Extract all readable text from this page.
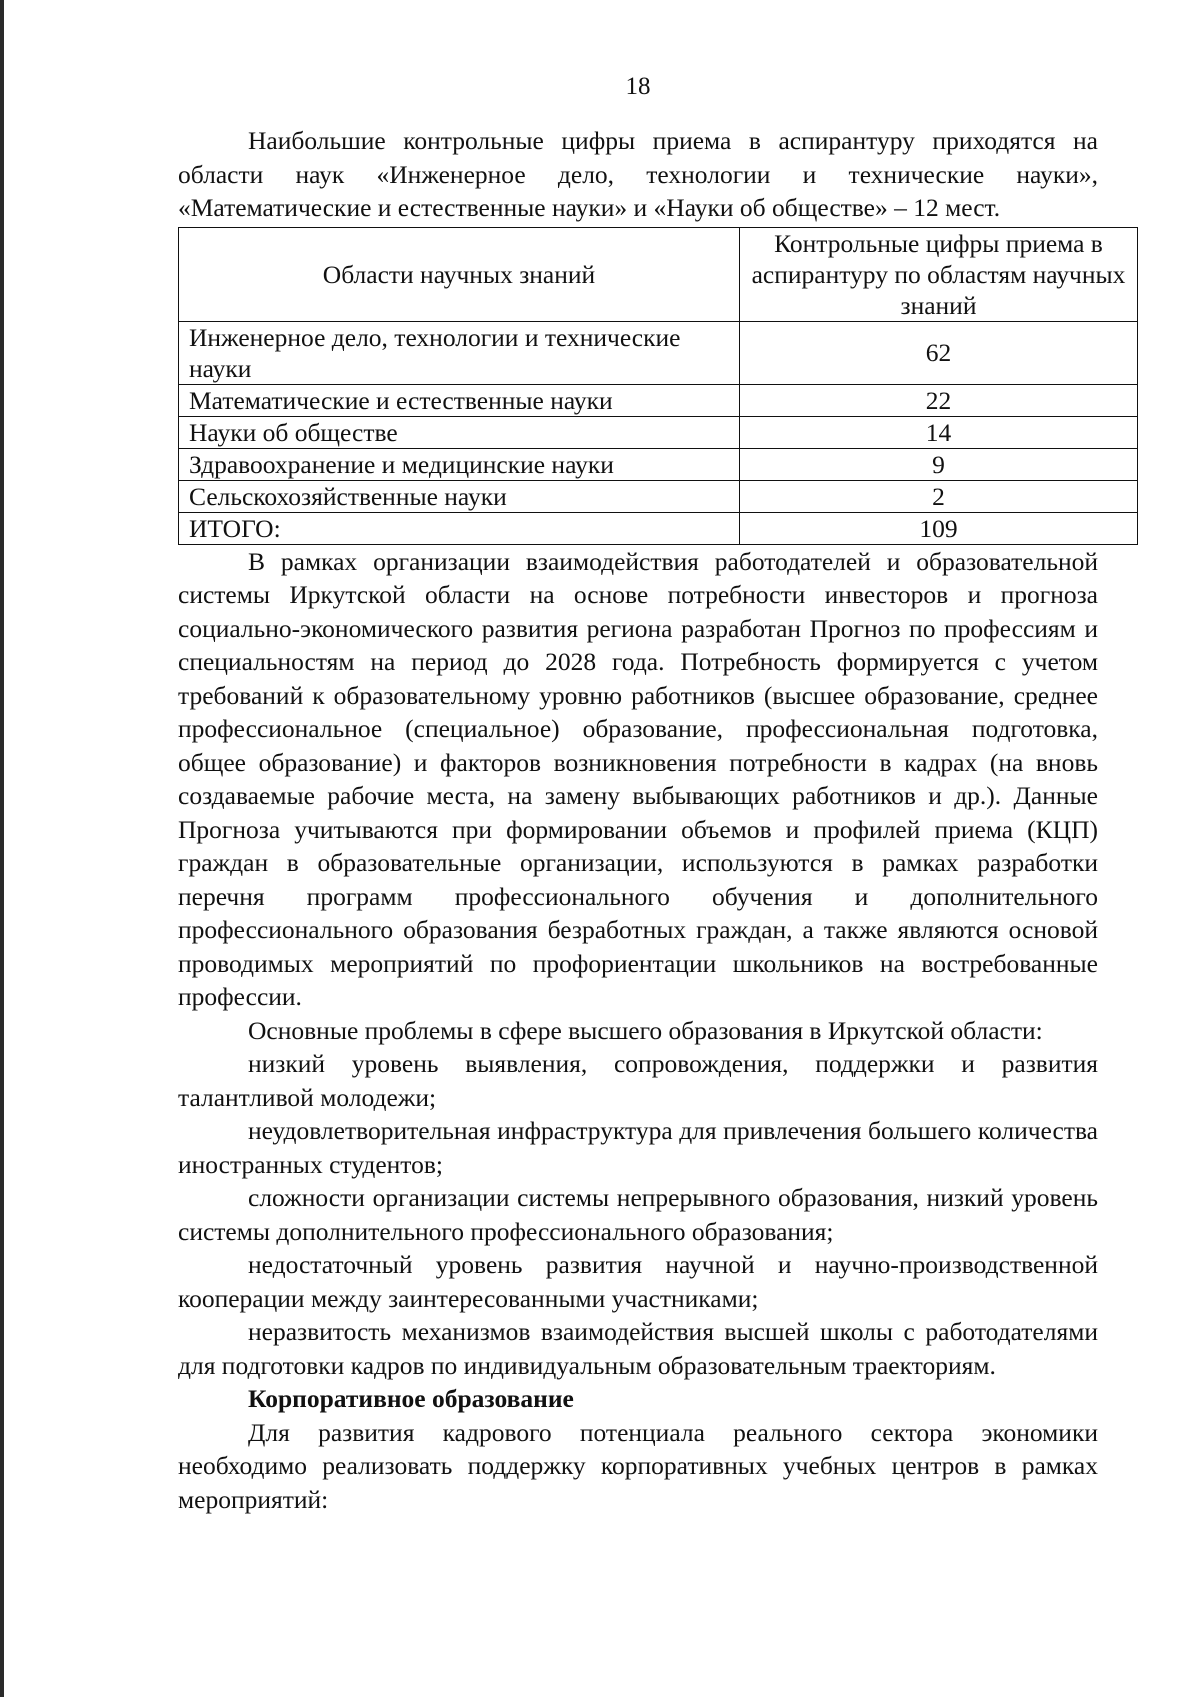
18

Наибольшие контрольные цифры приема в аспирантуру приходятся на области наук «Инженерное дело, технологии и технические науки», «Математические и естественные науки» и «Науки об обществе» – 12 мест.

Области научных знаний	Контрольные цифры приема в аспирантуру по областям научных знаний
Инженерное дело, технологии и технические науки	62
Математические и естественные науки	22
Науки об обществе	14
Здравоохранение и медицинские науки	9
Сельскохозяйственные науки	2
ИТОГО:	109

В рамках организации взаимодействия работодателей и образовательной системы Иркутской области на основе потребности инвесторов и прогноза социально-экономического развития региона разработан Прогноз по профессиям и специальностям на период до 2028 года. Потребность формируется с учетом требований к образовательному уровню работников (высшее образование, среднее профессиональное (специальное) образование, профессиональная подготовка, общее образование) и факторов возникновения потребности в кадрах (на вновь создаваемые рабочие места, на замену выбывающих работников и др.). Данные Прогноза учитываются при формировании объемов и профилей приема (КЦП) граждан в образовательные организации, используются в рамках разработки перечня программ профессионального обучения и дополнительного профессионального образования безработных граждан, а также являются основой проводимых мероприятий по профориентации школьников на востребованные профессии.

Основные проблемы в сфере высшего образования в Иркутской области:

низкий уровень выявления, сопровождения, поддержки и развития талантливой молодежи;

неудовлетворительная инфраструктура для привлечения большего количества иностранных студентов;

сложности организации системы непрерывного образования, низкий уровень системы дополнительного профессионального образования;

недостаточный уровень развития научной и научно-производственной кооперации между заинтересованными участниками;

неразвитость механизмов взаимодействия высшей школы с работодателями для подготовки кадров по индивидуальным образовательным траекториям.

Корпоративное образование

Для развития кадрового потенциала реального сектора экономики необходимо реализовать поддержку корпоративных учебных центров в рамках мероприятий:
